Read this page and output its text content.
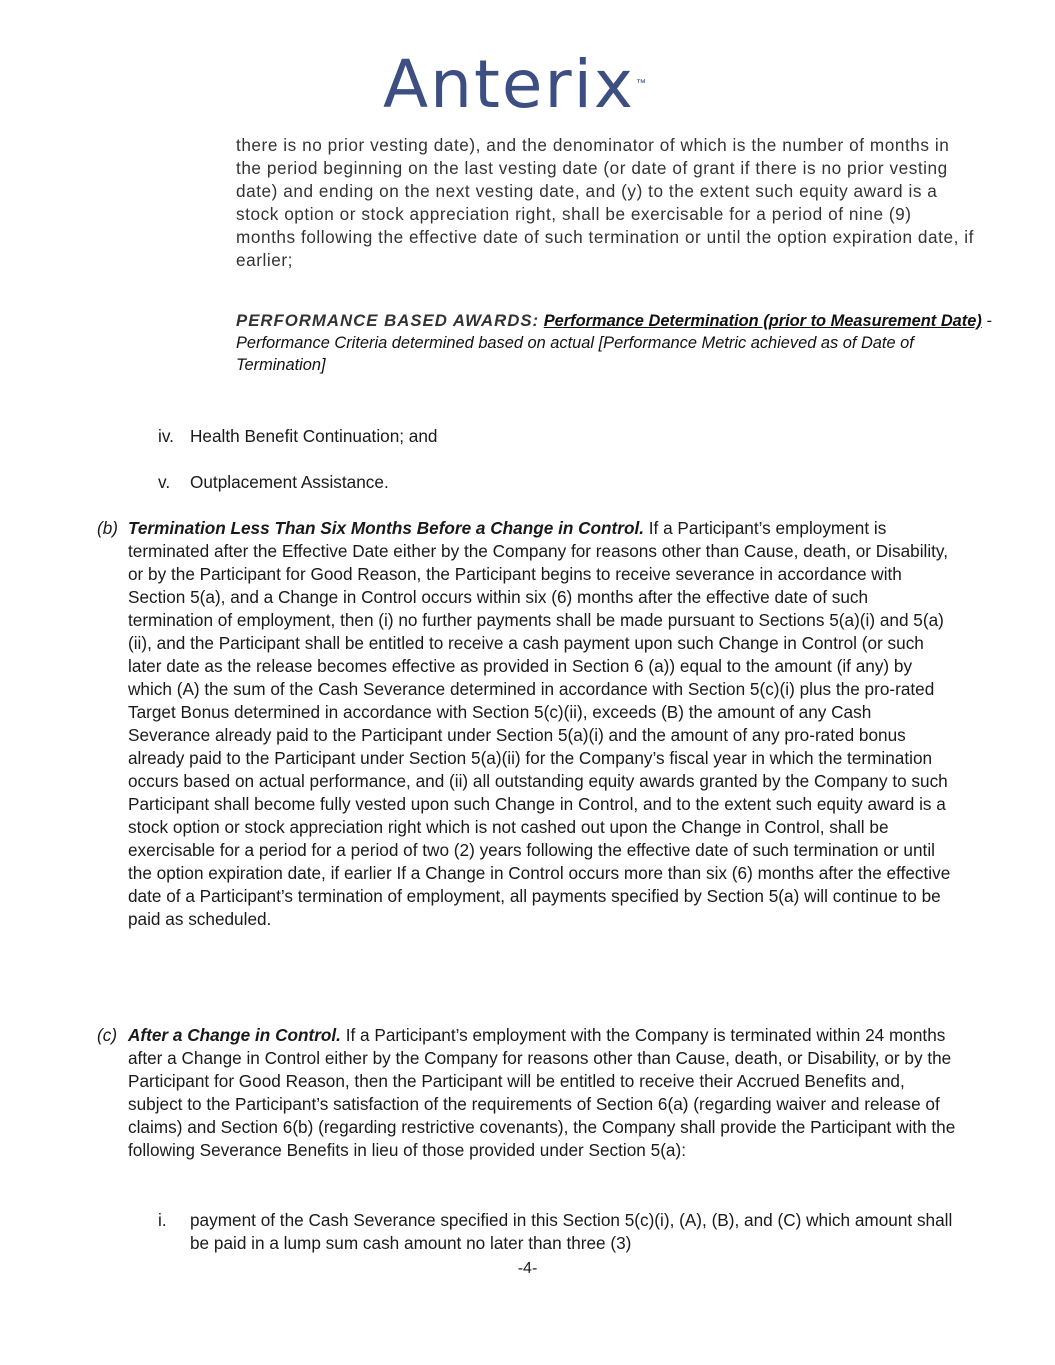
Anterix ™

there is no prior vesting date), and the denominator of which is the number of months in the period beginning on the last vesting date (or date of grant if there is no prior vesting date) and ending on the next vesting date, and (y) to the extent such equity award is a stock option or stock appreciation right, shall be exercisable for a period of nine (9) months following the effective date of such termination or until the option expiration date, if earlier;

PERFORMANCE BASED AWARDS: Performance Determination (prior to Measurement Date) - Performance Criteria determined based on actual [Performance Metric achieved as of Date of Termination]

iv. Health Benefit Continuation; and

v. Outplacement Assistance.

(b) Termination Less Than Six Months Before a Change in Control. If a Participant’s employment is terminated after the Effective Date either by the Company for reasons other than Cause, death, or Disability, or by the Participant for Good Reason, the Participant begins to receive severance in accordance with Section 5(a), and a Change in Control occurs within six (6) months after the effective date of such termination of employment, then (i) no further payments shall be made pursuant to Sections 5(a)(i) and 5(a)(ii), and the Participant shall be entitled to receive a cash payment upon such Change in Control (or such later date as the release becomes effective as provided in Section 6 (a)) equal to the amount (if any) by which (A) the sum of the Cash Severance determined in accordance with Section 5(c)(i) plus the pro-rated Target Bonus determined in accordance with Section 5(c)(ii), exceeds (B) the amount of any Cash Severance already paid to the Participant under Section 5(a)(i) and the amount of any pro-rated bonus already paid to the Participant under Section 5(a)(ii) for the Company’s fiscal year in which the termination occurs based on actual performance, and (ii) all outstanding equity awards granted by the Company to such Participant shall become fully vested upon such Change in Control, and to the extent such equity award is a stock option or stock appreciation right which is not cashed out upon the Change in Control, shall be exercisable for a period for a period of two (2) years following the effective date of such termination or until the option expiration date, if earlier If a Change in Control occurs more than six (6) months after the effective date of a Participant’s termination of employment, all payments specified by Section 5(a) will continue to be paid as scheduled.
(c) After a Change in Control. If a Participant’s employment with the Company is terminated within 24 months after a Change in Control either by the Company for reasons other than Cause, death, or Disability, or by the Participant for Good Reason, then the Participant will be entitled to receive their Accrued Benefits and, subject to the Participant’s satisfaction of the requirements of Section 6(a) (regarding waiver and release of claims) and Section 6(b) (regarding restrictive covenants), the Company shall provide the Participant with the following Severance Benefits in lieu of those provided under Section 5(a):
i. payment of the Cash Severance specified in this Section 5(c)(i), (A), (B), and (C) which amount shall be paid in a lump sum cash amount no later than three (3)
-4-
